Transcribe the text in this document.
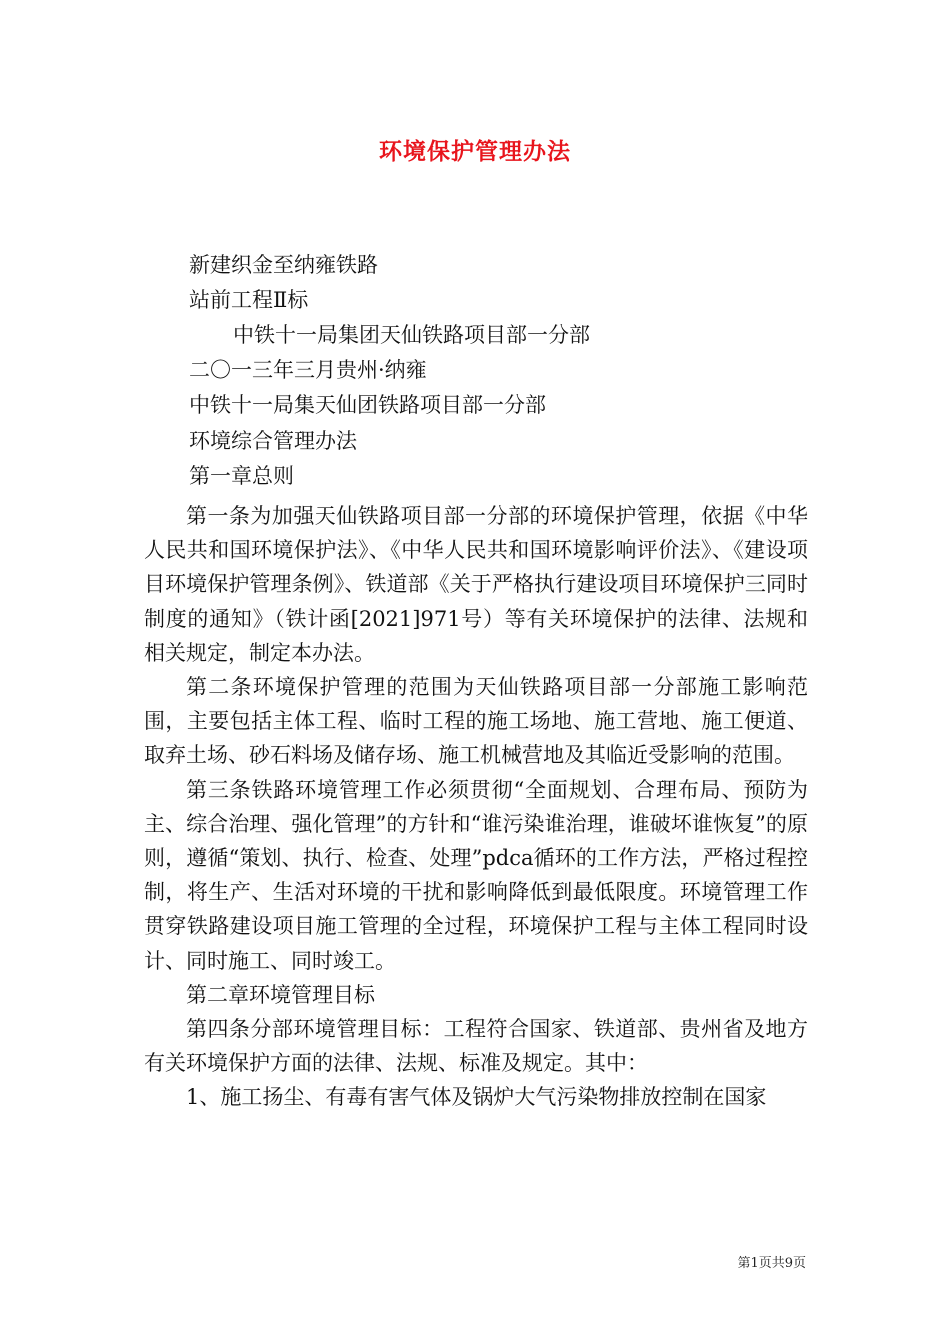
环境保护管理办法
新建织金至纳雍铁路
站前工程Ⅱ标
中铁十一局集团天仙铁路项目部一分部
二〇一三年三月贵州·纳雍
中铁十一局集天仙团铁路项目部一分部
环境综合管理办法
第一章总则

第一条为加强天仙铁路项目部一分部的环境保护管理，依据《中华人民共和国环境保护法》、《中华人民共和国环境影响评价法》、《建设项目环境保护管理条例》、铁道部《关于严格执行建设项目环境保护三同时制度的通知》（铁计函[2021]971号）等有关环境保护的法律、法规和相关规定，制定本办法。

第二条环境保护管理的范围为天仙铁路项目部一分部施工影响范围，主要包括主体工程、临时工程的施工场地、施工营地、施工便道、取弃土场、砂石料场及储存场、施工机械营地及其临近受影响的范围。

第三条铁路环境管理工作必须贯彻“全面规划、合理布局、预防为主、综合治理、强化管理”的方针和“谁污染谁治理，谁破坏谁恢复”的原则，遵循“策划、执行、检查、处理”pdca循环的工作方法，严格过程控制，将生产、生活对环境的干扰和影响降低到最低限度。环境管理工作贯穿铁路建设项目施工管理的全过程，环境保护工程与主体工程同时设计、同时施工、同时竣工。

第二章环境管理目标

第四条分部环境管理目标：工程符合国家、铁道部、贵州省及地方有关环境保护方面的法律、法规、标准及规定。其中：

1、施工扬尘、有毒有害气体及锅炉大气污染物排放控制在国家

第1页共9页
